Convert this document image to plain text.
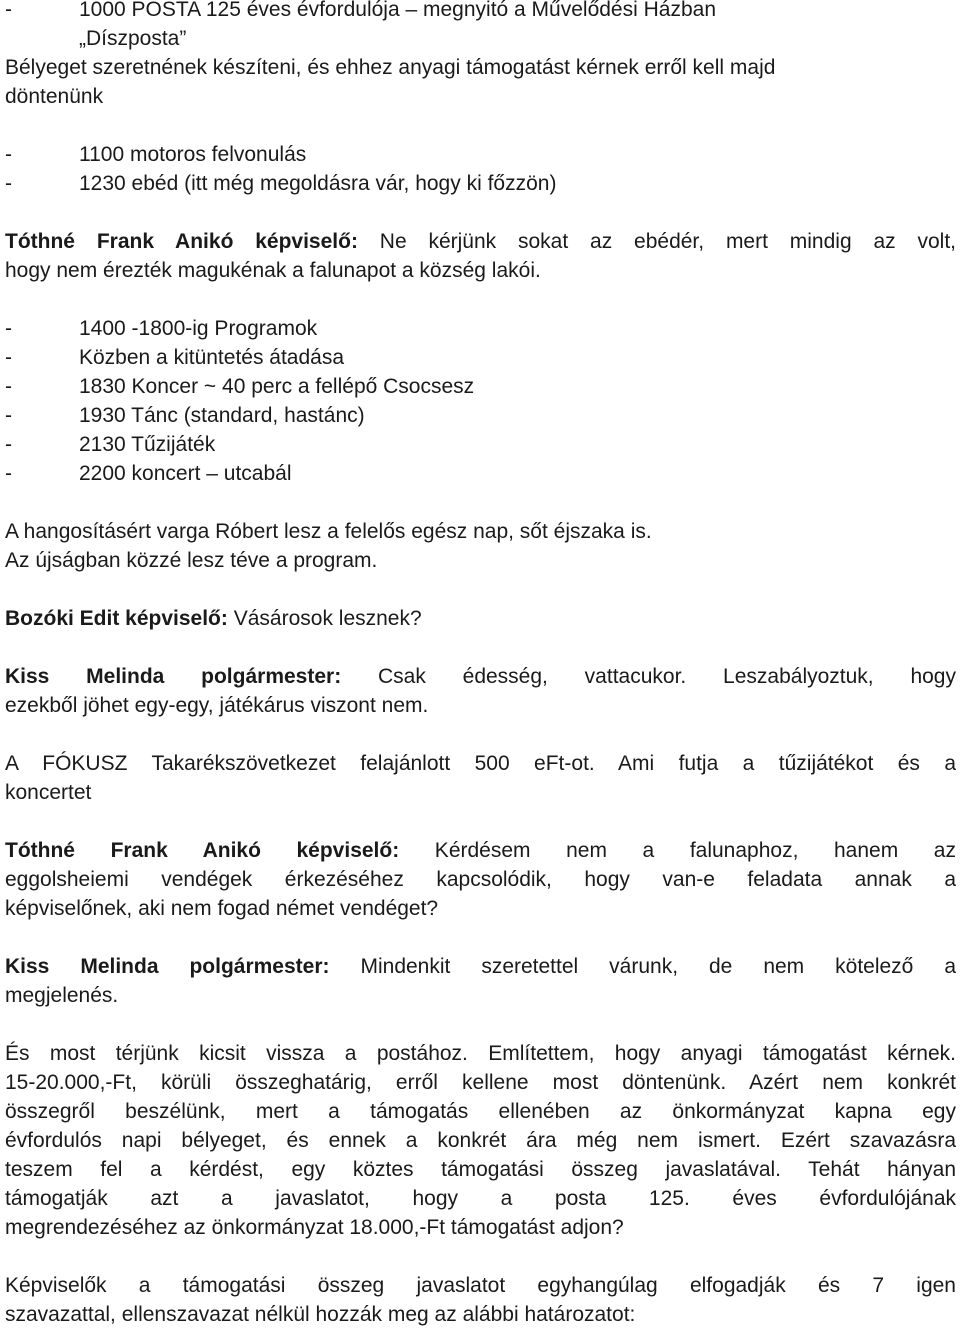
-	1000 POSTA 125 éves évfordulója – megnyitó a Művelődési Házban
„Díszposta”
Bélyeget szeretnének készíteni, és ehhez anyagi támogatást kérnek erről kell majd
döntenünk
-	1100 motoros felvonulás
-	1230 ebéd (itt még megoldásra vár, hogy ki főzzön)
Tóthné Frank Anikó képviselő: Ne kérjünk sokat az ebédér, mert mindig az volt,
hogy nem érezték magukénak a falunapot a község lakói.
-	1400 -1800-ig Programok
-	Közben a kitüntetés átadása
-	1830 Koncer ~ 40 perc a fellépő Csocsesz
-	1930 Tánc (standard, hastánc)
-	2130 Tűzijáték
-	2200 koncert – utcabál
A hangosításért varga Róbert lesz a felelős egész nap, sőt éjszaka is.
Az újságban közzé lesz téve a program.
Bozóki Edit képviselő: Vásárosok lesznek?
Kiss Melinda polgármester: Csak édesség, vattacukor. Leszabályoztuk, hogy
ezekből jöhet egy-egy, játékárus viszont nem.
A FÓKUSZ Takarékszövetkezet felajánlott 500 eFt-ot. Ami futja a tűzijátékot és a
koncertet
Tóthné Frank Anikó képviselő: Kérdésem nem a falunaphoz, hanem az
eggolsheiemi vendégek érkezéséhez kapcsolódik, hogy van-e feladata annak a
képviselőnek, aki nem fogad német vendéget?
Kiss Melinda polgármester: Mindenkit szeretettel várunk, de nem kötelező a
megjelenés.
És most térjünk kicsit vissza a postához. Említettem, hogy anyagi támogatást kérnek.
15-20.000,-Ft, körüli összeghatárig, erről kellene most döntenünk. Azért nem konkrét
összegről beszélünk, mert a támogatás ellenében az önkormányzat kapna egy
évfordulós napi bélyeget, és ennek a konkrét ára még nem ismert. Ezért szavazásra
teszem fel a kérdést, egy köztes támogatási összeg javaslatával. Tehát hányan
támogatják azt a javaslatot, hogy a posta 125. éves évfordulójának
megrendezéséhez az önkormányzat 18.000,-Ft támogatást adjon?
Képviselők a támogatási összeg javaslatot egyhangúlag elfogadják és 7 igen
szavazattal, ellenszavazat nélkül hozzák meg az alábbi határozatot:
